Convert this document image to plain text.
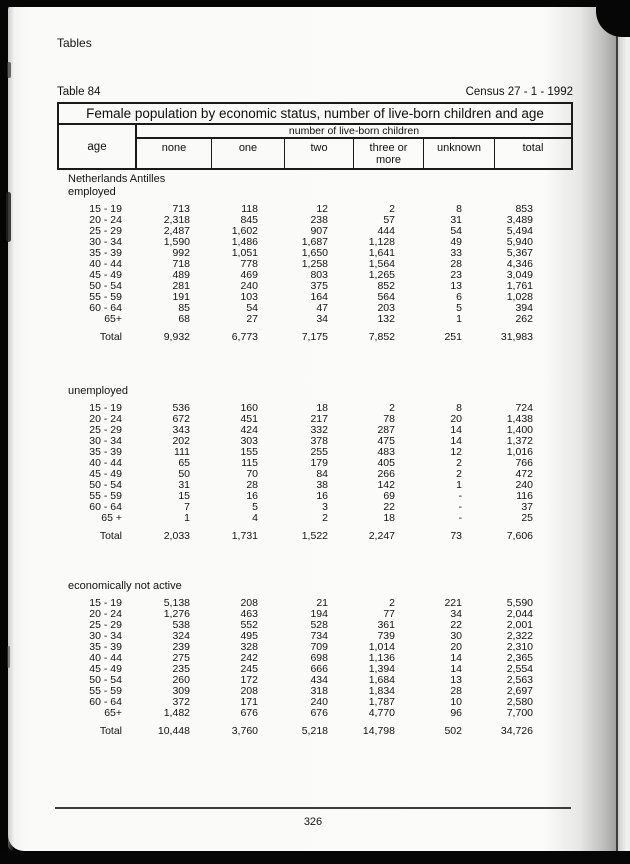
Tables
Table 84	Census 27 - 1 - 1992
Female population by economic status, number of live-born children and age
age
number of live-born children
none	one	two	three or more
unknown	total
Netherlands Antilles
employed
15 - 19	713	118	12	2	8	853
20 - 24	2,318	845	238	57	31	3,489
25 - 29	2,487	1,602	907	444	54	5,494
30 - 34	1,590	1,486	1,687	1,128	49	5,940
35 - 39	992	1,051	1,650	1,641	33	5,367
40 - 44	718	778	1,258	1,564	28	4,346
45 - 49	489	469	803	1,265	23	3,049
50 - 54	281	240	375	852	13	1,761
55 - 59	191	103	164	564	6	1,028
60 - 64	85	54	47	203	5	394
65+	68	27	34	132	1	262
Total	9,932	6,773	7,175	7,852	251	31,983
unemployed
15 - 19	536	160	18	2	8	724
20 - 24	672	451	217	78	20	1,438
25 - 29	343	424	332	287	14	1,400
30 - 34	202	303	378	475	14	1,372
35 - 39	111	155	255	483	12	1,016
40 - 44	65	115	179	405	2	766
45 - 49	50	70	84	266	2	472
50 - 54	31	28	38	142	1	240
55 - 59	15	16	16	69	-	116
60 - 64	7	5	3	22	-	37
65 +	1	4	2	18	-	25
Total	2,033	1,731	1,522	2,247	73	7,606
economically not active
15 - 19	5,138	208	21	2	221	5,590
20 - 24	1,276	463	194	77	34	2,044
25 - 29	538	552	528	361	22	2,001
30 - 34	324	495	734	739	30	2,322
35 - 39	239	328	709	1,014	20	2,310
40 - 44	275	242	698	1,136	14	2,365
45 - 49	235	245	666	1,394	14	2,554
50 - 54	260	172	434	1,684	13	2,563
55 - 59	309	208	318	1,834	28	2,697
60 - 64	372	171	240	1,787	10	2,580
65+	1,482	676	676	4,770	96	7,700
Total	10,448	3,760	5,218	14,798	502	34,726
326
